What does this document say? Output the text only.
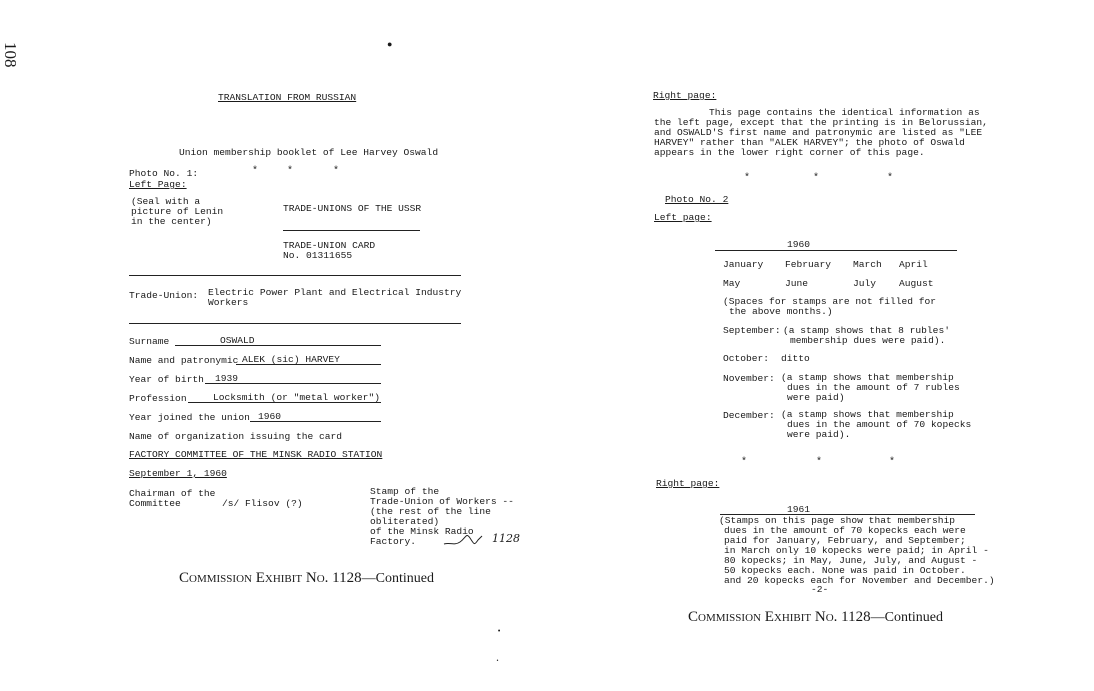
108	●
TRANSLATION FROM RUSSIAN
Union membership booklet of Lee Harvey Oswald
Photo No. 1:	*	*	*
Left Page:
(Seal with a
picture of Lenin
in the center)
TRADE-UNIONS OF THE USSR
TRADE-UNION CARD
No. 01311655
Trade-Union: Electric Power Plant and Electrical Industry
Workers
Surname	OSWALD
Name and patronymic ALEK (sic) HARVEY
Year of birth 1939
Profession	Locksmith (or "metal worker")
Year joined the union 1960
Name of organization issuing the card
FACTORY COMMITTEE OF THE MINSK RADIO STATION
September 1, 1960
Chairman of the
Committee	/s/ Flisov (?)
Stamp of the
Trade-Union of Workers --
(the rest of the line
obliterated)
of the Minsk Radio
Factory.	1128
Commission Exhibit No. 1128—Continued
Right page:
This page contains the identical information as
the left page, except that the printing is in Belorussian,
and OSWALD'S first name and patronymic are listed as "LEE
HARVEY" rather than "ALEK HARVEY"; the photo of Oswald
appears in the lower right corner of this page.
*	*	*
Photo No. 2
Left page:
1960
January February March April
May	June	July August
(Spaces for stamps are not filled for
the above months.)
September: (a stamp shows that 8 rubles'
membership dues were paid).
October: ditto
November: (a stamp shows that membership
dues in the amount of 7 rubles
were paid)
December: (a stamp shows that membership
dues in the amount of 70 kopecks
were paid).
*	*	*
Right page:
1961
(Stamps on this page show that membership
dues in the amount of 70 kopecks each were
paid for January, February, and September;
in March only 10 kopecks were paid; in April -
80 kopecks; in May, June, July, and August -
50 kopecks each. None was paid in October.
and 20 kopecks each for November and December.)
-2-
Commission Exhibit No. 1128—Continued
•
•
